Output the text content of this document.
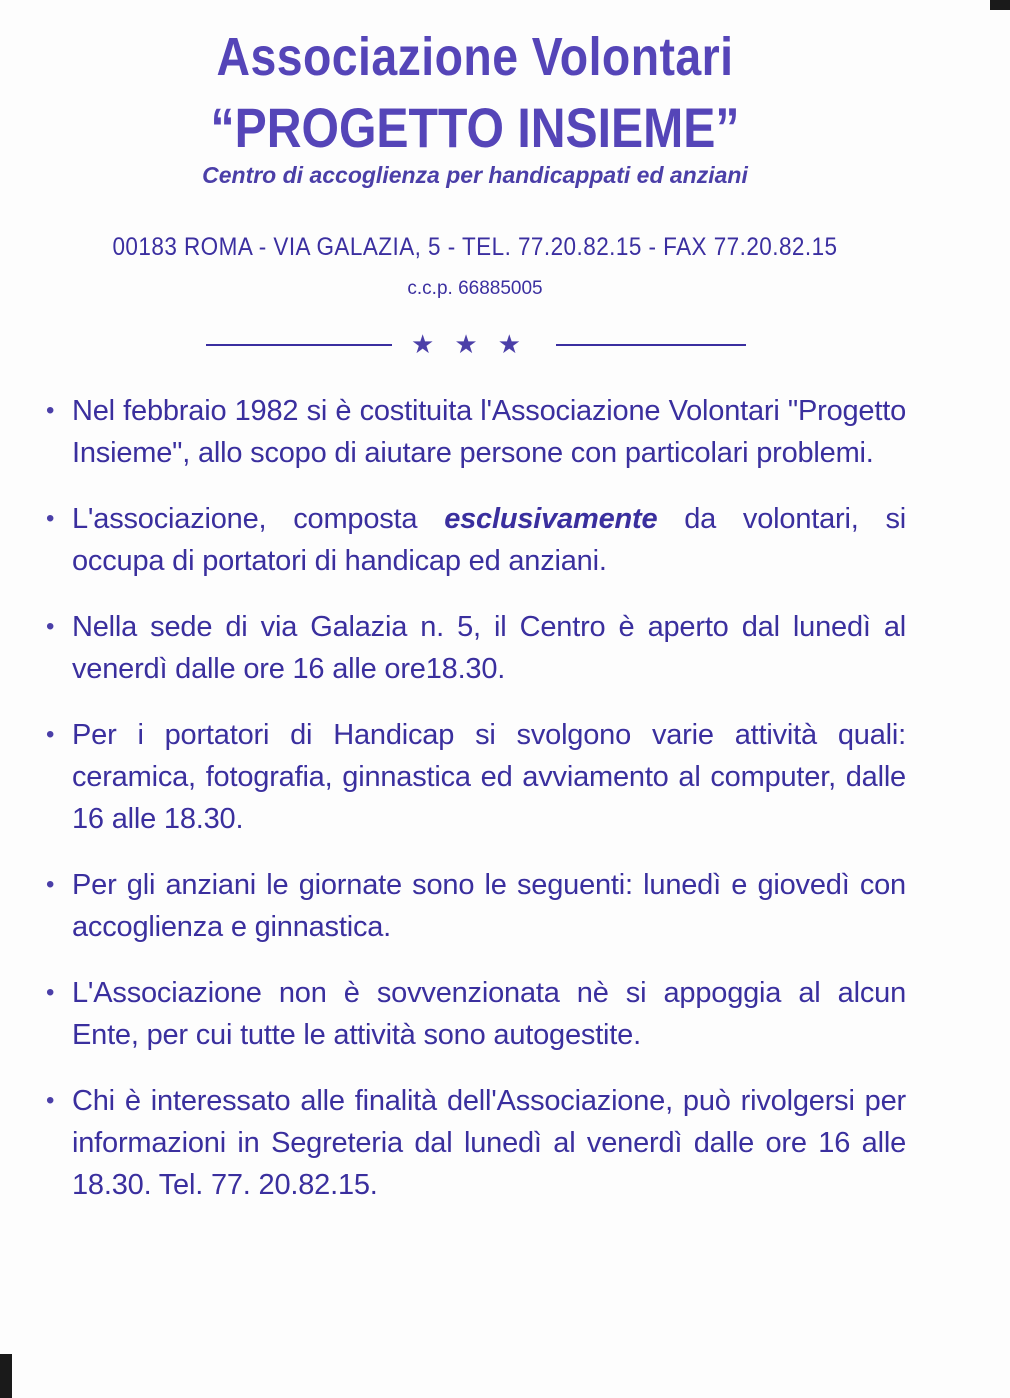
Associazione Volontari
“PROGETTO INSIEME”
Centro di accoglienza per handicappati ed anziani
00183 ROMA - VIA GALAZIA, 5 - TEL. 77.20.82.15 - FAX 77.20.82.15
c.c.p. 66885005
★★★
• Nel febbraio 1982 si è costituita l'Associazione Volontari "Progetto Insieme", allo scopo di aiutare persone con particolari problemi.
• L'associazione, composta esclusivamente da volontari, si occupa di portatori di handicap ed anziani.
• Nella sede di via Galazia n. 5, il Centro è aperto dal lunedì al venerdì dalle ore 16 alle ore18.30.
• Per i portatori di Handicap si svolgono varie attività quali: ceramica, fotografia, ginnastica ed avviamento al computer, dalle 16 alle 18.30.
• Per gli anziani le giornate sono le seguenti: lunedì e giovedì con accoglienza e ginnastica.
• L'Associazione non è sovvenzionata nè si appoggia al alcun Ente, per cui tutte le attività sono autogestite.
• Chi è interessato alle finalità dell'Associazione, può rivolgersi per informazioni in Segreteria dal lunedì al venerdì dalle ore 16 alle 18.30. Tel. 77. 20.82.15.
